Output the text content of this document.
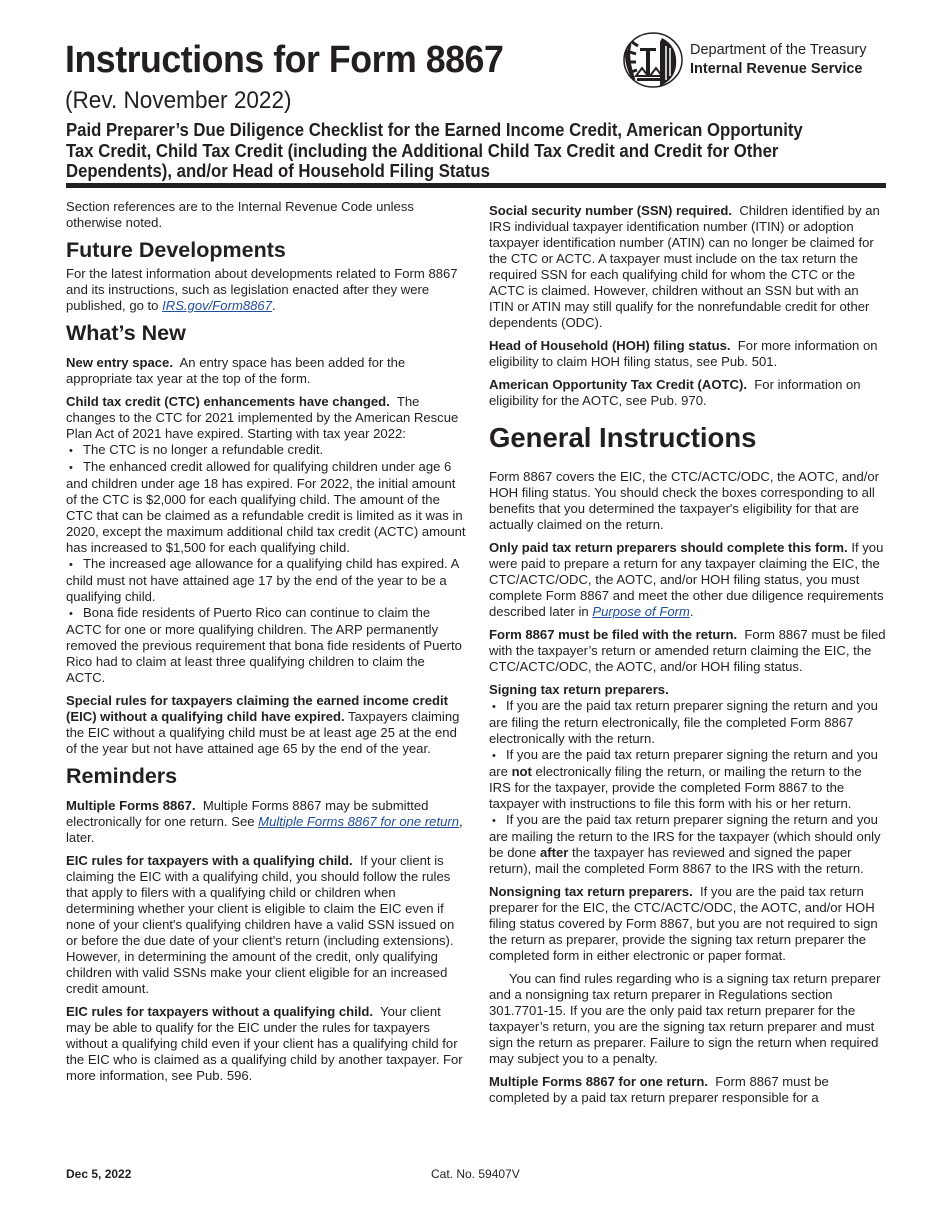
Instructions for Form 8867
(Rev. November 2022)
Department of the Treasury
Internal Revenue Service
Paid Preparer’s Due Diligence Checklist for the Earned Income Credit, American Opportunity Tax Credit, Child Tax Credit (including the Additional Child Tax Credit and Credit for Other Dependents), and/or Head of Household Filing Status

Section references are to the Internal Revenue Code unless otherwise noted.

Future Developments

For the latest information about developments related to Form 8867 and its instructions, such as legislation enacted after they were published, go to IRS.gov/Form8867.

What’s New

New entry space. An entry space has been added for the appropriate tax year at the top of the form.

Child tax credit (CTC) enhancements have changed. The changes to the CTC for 2021 implemented by the American Rescue Plan Act of 2021 have expired. Starting with tax year 2022:

• The CTC is no longer a refundable credit.

• The enhanced credit allowed for qualifying children under age 6 and children under age 18 has expired. For 2022, the initial amount of the CTC is $2,000 for each qualifying child. The amount of the CTC that can be claimed as a refundable credit is limited as it was in 2020, except the maximum additional child tax credit (ACTC) amount has increased to $1,500 for each qualifying child.

• The increased age allowance for a qualifying child has expired. A child must not have attained age 17 by the end of the year to be a qualifying child.

• Bona fide residents of Puerto Rico can continue to claim the ACTC for one or more qualifying children. The ARP permanently removed the previous requirement that bona fide residents of Puerto Rico had to claim at least three qualifying children to claim the ACTC.

Special rules for taxpayers claiming the earned income credit (EIC) without a qualifying child have expired. Taxpayers claiming the EIC without a qualifying child must be at least age 25 at the end of the year but not have attained age 65 by the end of the year.

Reminders

Multiple Forms 8867. Multiple Forms 8867 may be submitted electronically for one return. See Multiple Forms 8867 for one return, later.

EIC rules for taxpayers with a qualifying child. If your client is claiming the EIC with a qualifying child, you should follow the rules that apply to filers with a qualifying child or children when determining whether your client is eligible to claim the EIC even if none of your client's qualifying children have a valid SSN issued on or before the due date of your client's return (including extensions). However, in determining the amount of the credit, only qualifying children with valid SSNs make your client eligible for an increased credit amount.

EIC rules for taxpayers without a qualifying child. Your client may be able to qualify for the EIC under the rules for taxpayers without a qualifying child even if your client has a qualifying child for the EIC who is claimed as a qualifying child by another taxpayer. For more information, see Pub. 596.

Social security number (SSN) required. Children identified by an IRS individual taxpayer identification number (ITIN) or adoption taxpayer identification number (ATIN) can no longer be claimed for the CTC or ACTC. A taxpayer must include on the tax return the required SSN for each qualifying child for whom the CTC or the ACTC is claimed. However, children without an SSN but with an ITIN or ATIN may still qualify for the nonrefundable credit for other dependents (ODC).

Head of Household (HOH) filing status. For more information on eligibility to claim HOH filing status, see Pub. 501.

American Opportunity Tax Credit (AOTC). For information on eligibility for the AOTC, see Pub. 970.

General Instructions

Form 8867 covers the EIC, the CTC/ACTC/ODC, the AOTC, and/or HOH filing status. You should check the boxes corresponding to all benefits that you determined the taxpayer's eligibility for that are actually claimed on the return.

Only paid tax return preparers should complete this form. If you were paid to prepare a return for any taxpayer claiming the EIC, the CTC/ACTC/ODC, the AOTC, and/or HOH filing status, you must complete Form 8867 and meet the other due diligence requirements described later in Purpose of Form.

Form 8867 must be filed with the return. Form 8867 must be filed with the taxpayer’s return or amended return claiming the EIC, the CTC/ACTC/ODC, the AOTC, and/or HOH filing status.

Signing tax return preparers.

• If you are the paid tax return preparer signing the return and you are filing the return electronically, file the completed Form 8867 electronically with the return.

• If you are the paid tax return preparer signing the return and you are not electronically filing the return, or mailing the return to the IRS for the taxpayer, provide the completed Form 8867 to the taxpayer with instructions to file this form with his or her return.

• If you are the paid tax return preparer signing the return and you are mailing the return to the IRS for the taxpayer (which should only be done after the taxpayer has reviewed and signed the paper return), mail the completed Form 8867 to the IRS with the return.

Nonsigning tax return preparers. If you are the paid tax return preparer for the EIC, the CTC/ACTC/ODC, the AOTC, and/or HOH filing status covered by Form 8867, but you are not required to sign the return as preparer, provide the signing tax return preparer the completed form in either electronic or paper format.

You can find rules regarding who is a signing tax return preparer and a nonsigning tax return preparer in Regulations section 301.7701-15. If you are the only paid tax return preparer for the taxpayer’s return, you are the signing tax return preparer and must sign the return as preparer. Failure to sign the return when required may subject you to a penalty.

Multiple Forms 8867 for one return. Form 8867 must be completed by a paid tax return preparer responsible for a

Dec 5, 2022	Cat. No. 59407V
